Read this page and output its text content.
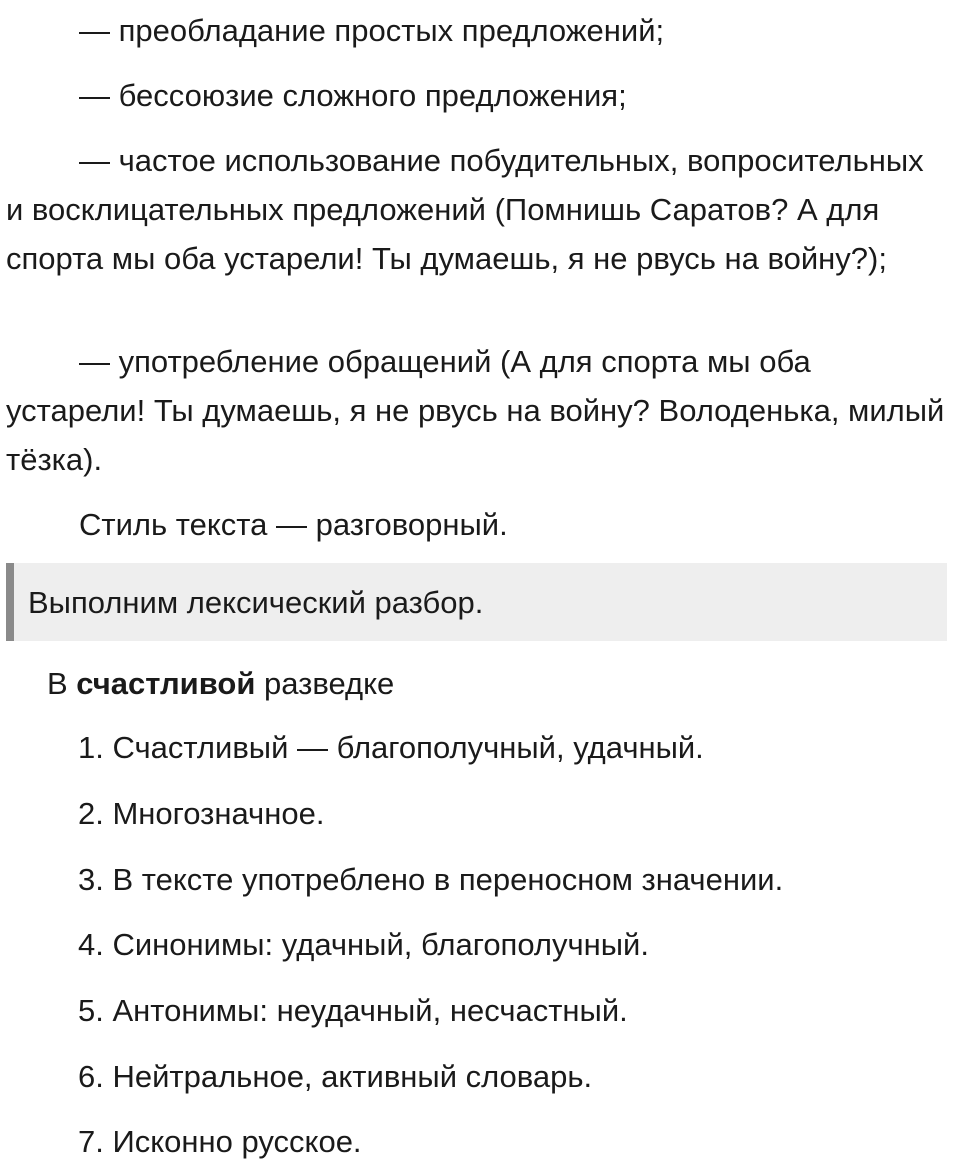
— преобладание простых предложений;

— бессоюзие сложного предложения;

— частое использование побудительных, вопросительных и восклицательных предложений (Помнишь Саратов? А для спорта мы оба устарели! Ты думаешь, я не рвусь на войну?);

— употребление обращений (А для спорта мы оба устарели! Ты думаешь, я не рвусь на войну? Володенька, милый тёзка).

Стиль текста — разговорный.

Выполним лексический разбор.
В счастливой разведке
1. Счастливый — благополучный, удачный.
2. Многозначное.
3. В тексте употреблено в переносном значении.
4. Синонимы: удачный, благополучный.
5. Антонимы: неудачный, несчастный.
6. Нейтральное, активный словарь.
7. Исконно русское.
